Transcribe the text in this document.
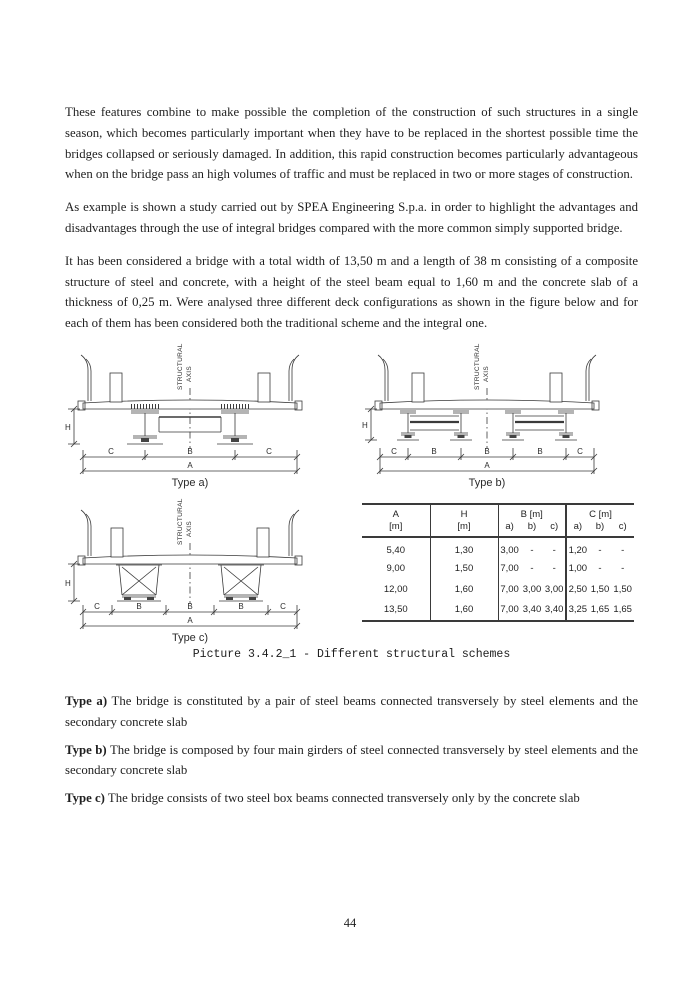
These features combine to make possible the completion of the construction of such structures in a single season, which becomes particularly important when they have to be replaced in the shortest possible time the bridges collapsed or seriously damaged. In addition, this rapid construction becomes particularly advantageous when on the bridge pass an high volumes of traffic and must be replaced in two or more stages of construction.

As example is shown a study carried out by SPEA Engineering S.p.a. in order to highlight the advantages and disadvantages through the use of integral bridges compared with the more common simply supported bridge.

It has been considered a bridge with a total width of 13,50 m and a length of 38 m consisting of a composite structure of steel and concrete, with a height of the steel beam equal to 1,60 m and the concrete slab of a thickness of 0,25 m. Were analysed three different deck configurations as shown in the figure below and for each of them has been considered both the traditional scheme and the integral one.

STRUCTURAL AXIS
H
C	B	C
A
Type a)
STRUCTURAL AXIS
H
C	B	B	B	C
A
Type b)
STRUCTURAL AXIS
H
C	B	B	B	C
A
Type c)
A	H	B [m]			C [m]		
[m]	[m]	a)	b)	c)	a)	b)	c)
5,40	1,30	3,00	-	-	1,20	-	-
9,00	1,50	7,00	-	-	1,00	-	-
12,00	1,60	7,00	3,00	3,00	2,50	1,50	1,50
13,50	1,60	7,00	3,40	3,40	3,25	1,65	1,65
Picture 3.4.2_1 - Different structural schemes

Type a) The bridge is constituted by a pair of steel beams connected transversely by steel elements and the secondary concrete slab

Type b) The bridge is composed by four main girders of steel connected transversely by steel elements and the secondary concrete slab

Type c) The bridge consists of two steel box beams connected transversely only by the concrete slab

44
